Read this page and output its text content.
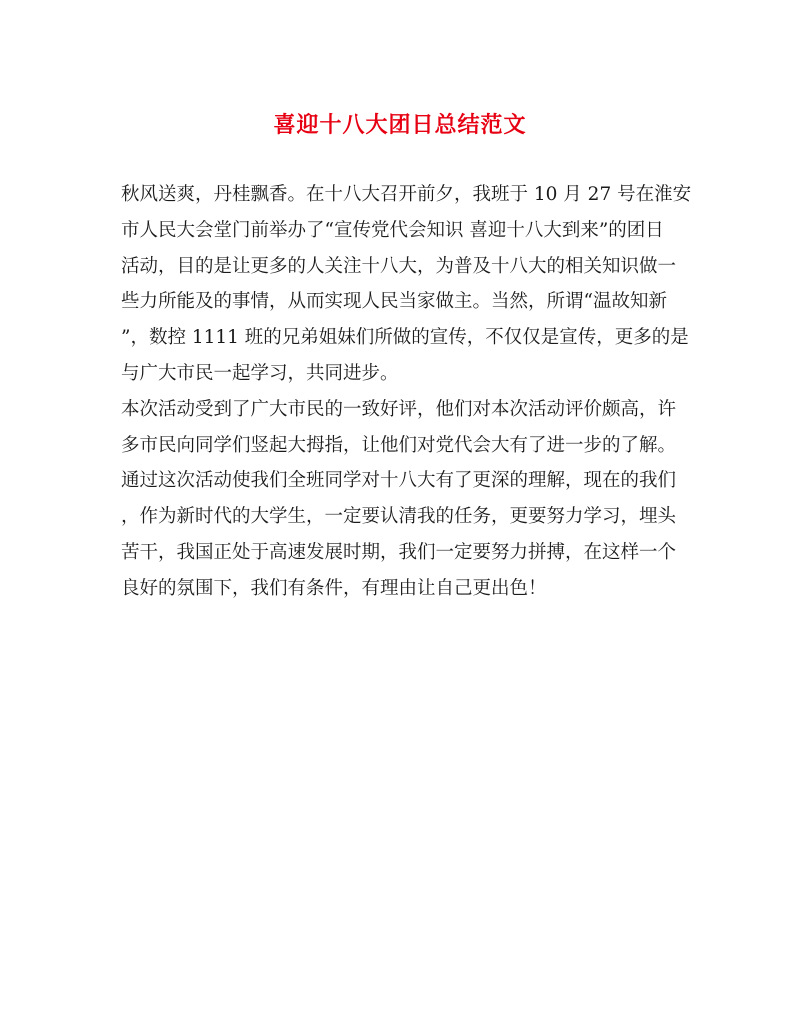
喜迎十八大团日总结范文
秋风送爽，丹桂飘香。在十八大召开前夕，我班于 10 月 27 号在淮安
市人民大会堂门前举办了“宣传党代会知识 喜迎十八大到来”的团日
活动，目的是让更多的人关注十八大，为普及十八大的相关知识做一
些力所能及的事情，从而实现人民当家做主。当然，所谓“温故知新
”，数控 1111 班的兄弟姐妹们所做的宣传，不仅仅是宣传，更多的是
与广大市民一起学习，共同进步。
本次活动受到了广大市民的一致好评，他们对本次活动评价颇高，许
多市民向同学们竖起大拇指，让他们对党代会大有了进一步的了解。
通过这次活动使我们全班同学对十八大有了更深的理解，现在的我们
，作为新时代的大学生，一定要认清我的任务，更要努力学习，埋头
苦干，我国正处于高速发展时期，我们一定要努力拼搏，在这样一个
良好的氛围下，我们有条件，有理由让自己更出色！
